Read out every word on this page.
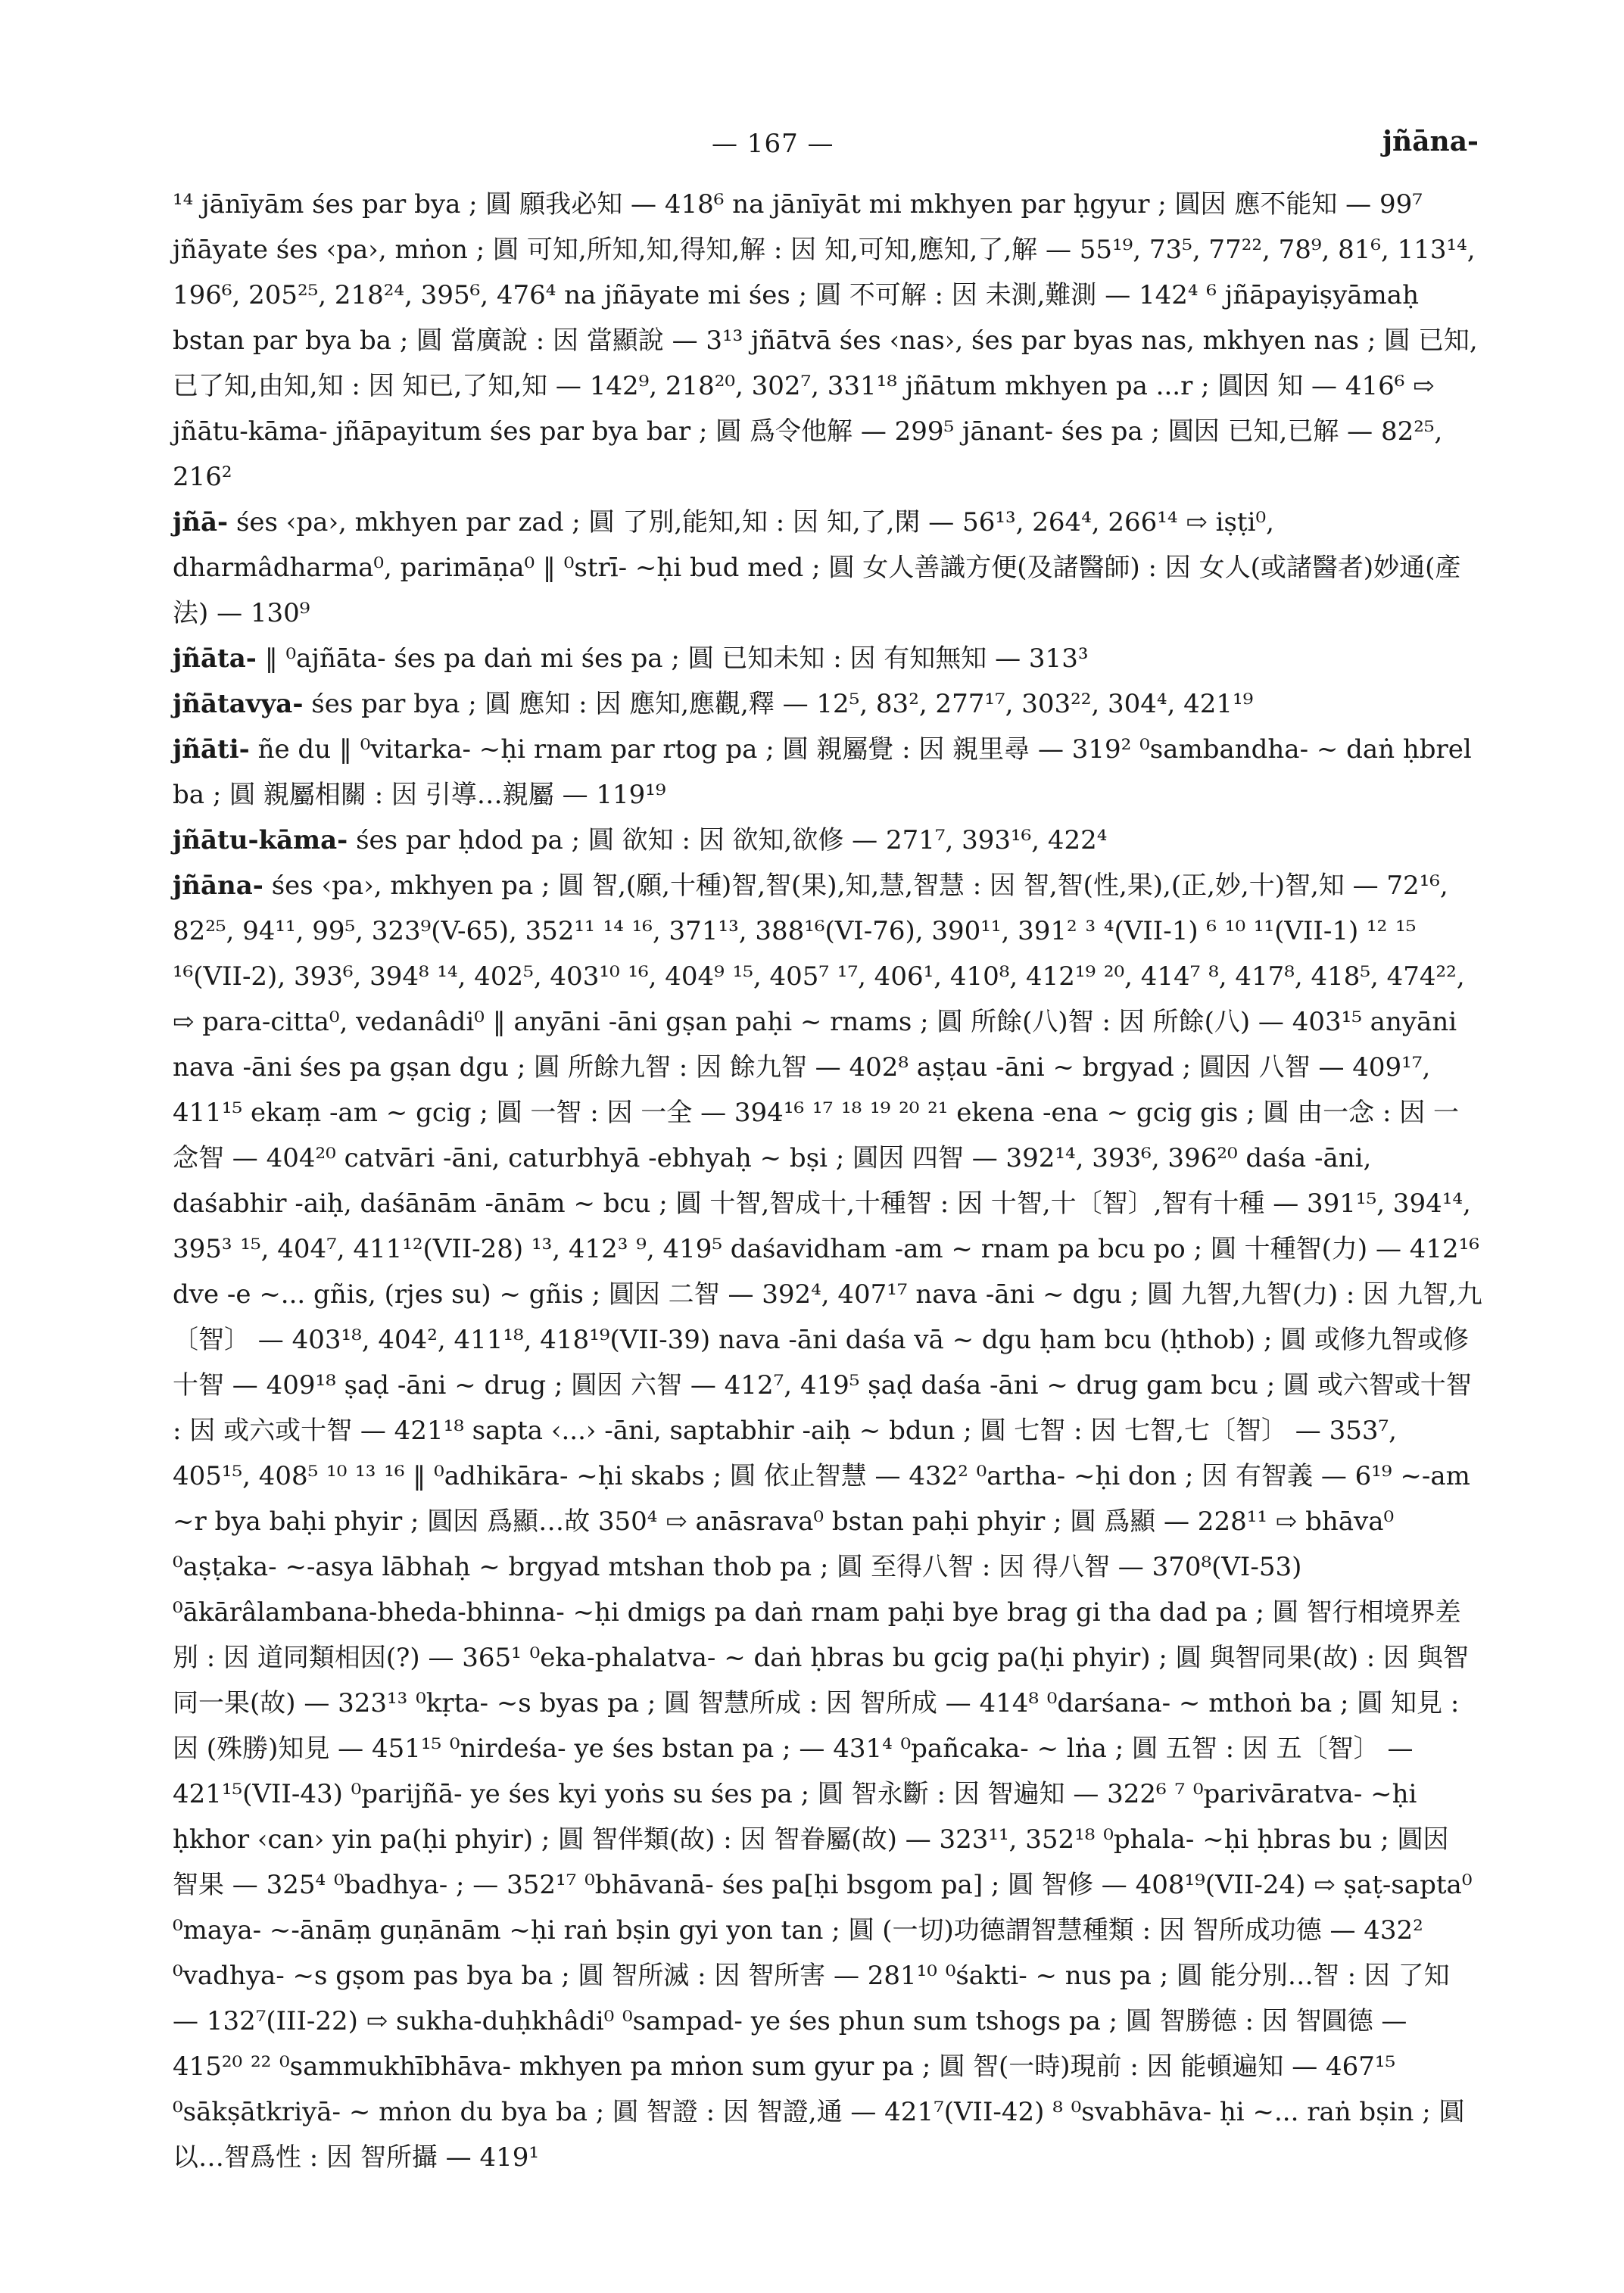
— 167 —	jñāna-

¹⁴ jānīyām śes par bya ; 圓 願我必知 — 418⁶ na jānīyāt mi mkhyen par ḥgyur ; 圓因 應不能知 — 99⁷ jñāyate śes ‹pa›, mṅon ; 圓 可知,所知,知,得知,解 : 因 知,可知,應知,了,解 — 55¹⁹, 73⁵, 77²², 78⁹, 81⁶, 113¹⁴, 196⁶, 205²⁵, 218²⁴, 395⁶, 476⁴ na jñāyate mi śes ; 圓 不可解 : 因 未測,難測 — 142⁴ ⁶ jñāpayiṣyāmaḥ bstan par bya ba ; 圓 當廣說 : 因 當顯說 — 3¹³ jñātvā śes ‹nas›, śes par byas nas, mkhyen nas ; 圓 已知,已了知,由知,知 : 因 知已,了知,知 — 142⁹, 218²⁰, 302⁷, 331¹⁸ jñātum mkhyen pa ...r ; 圓因 知 — 416⁶ ⇨ jñātu-kāma- jñāpayitum śes par bya bar ; 圓 爲令他解 — 299⁵ jānant- śes pa ; 圓因 已知,已解 — 82²⁵, 216²

jñā- śes ‹pa›, mkhyen par zad ; 圓 了別,能知,知 : 因 知,了,閑 — 56¹³, 264⁴, 266¹⁴ ⇨ iṣṭi⁰, dharmâdharma⁰, parimāṇa⁰ ‖ ⁰strī- ~ḥi bud med ; 圓 女人善識方便(及諸醫師) : 因 女人(或諸醫者)妙通(產法) — 130⁹

jñāta- ‖ ⁰ajñāta- śes pa daṅ mi śes pa ; 圓 已知未知 : 因 有知無知 — 313³

jñātavya- śes par bya ; 圓 應知 : 因 應知,應觀,釋 — 12⁵, 83², 277¹⁷, 303²², 304⁴, 421¹⁹

jñāti- ñe du ‖ ⁰vitarka- ~ḥi rnam par rtog pa ; 圓 親屬覺 : 因 親里尋 — 319² ⁰sambandha- ~ daṅ ḥbrel ba ; 圓 親屬相關 : 因 引導…親屬 — 119¹⁹

jñātu-kāma- śes par ḥdod pa ; 圓 欲知 : 因 欲知,欲修 — 271⁷, 393¹⁶, 422⁴

jñāna- śes ‹pa›, mkhyen pa ; 圓 智,(願,十種)智,智(果),知,慧,智慧 : 因 智,智(性,果),(正,妙,十)智,知 — 72¹⁶, 82²⁵, 94¹¹, 99⁵, 323⁹(V-65), 352¹¹ ¹⁴ ¹⁶, 371¹³, 388¹⁶(VI-76), 390¹¹, 391² ³ ⁴(VII-1) ⁶ ¹⁰ ¹¹(VII-1) ¹² ¹⁵ ¹⁶(VII-2), 393⁶, 394⁸ ¹⁴, 402⁵, 403¹⁰ ¹⁶, 404⁹ ¹⁵, 405⁷ ¹⁷, 406¹, 410⁸, 412¹⁹ ²⁰, 414⁷ ⁸, 417⁸, 418⁵, 474²², ⇨ para-citta⁰, vedanâdi⁰ ‖ anyāni -āni gṣan paḥi ~ rnams ; 圓 所餘(八)智 : 因 所餘(八) — 403¹⁵ anyāni nava -āni śes pa gṣan dgu ; 圓 所餘九智 : 因 餘九智 — 402⁸ aṣṭau -āni ~ brgyad ; 圓因 八智 — 409¹⁷, 411¹⁵ ekaṃ -am ~ gcig ; 圓 一智 : 因 一全 — 394¹⁶ ¹⁷ ¹⁸ ¹⁹ ²⁰ ²¹ ekena -ena ~ gcig gis ; 圓 由一念 : 因 一念智 — 404²⁰ catvāri -āni, caturbhyā -ebhyaḥ ~ bṣi ; 圓因 四智 — 392¹⁴, 393⁶, 396²⁰ daśa -āni, daśabhir -aiḥ, daśānām -ānām ~ bcu ; 圓 十智,智成十,十種智 : 因 十智,十〔智〕,智有十種 — 391¹⁵, 394¹⁴, 395³ ¹⁵, 404⁷, 411¹²(VII-28) ¹³, 412³ ⁹, 419⁵ daśavidham -am ~ rnam pa bcu po ; 圓 十種智(力) — 412¹⁶ dve -e ~... gñis, (rjes su) ~ gñis ; 圓因 二智 — 392⁴, 407¹⁷ nava -āni ~ dgu ; 圓 九智,九智(力) : 因 九智,九〔智〕 — 403¹⁸, 404², 411¹⁸, 418¹⁹(VII-39) nava -āni daśa vā ~ dgu ḥam bcu (ḥthob) ; 圓 或修九智或修十智 — 409¹⁸ ṣaḍ -āni ~ drug ; 圓因 六智 — 412⁷, 419⁵ ṣaḍ daśa -āni ~ drug gam bcu ; 圓 或六智或十智 : 因 或六或十智 — 421¹⁸ sapta ‹...› -āni, saptabhir -aiḥ ~ bdun ; 圓 七智 : 因 七智,七〔智〕 — 353⁷, 405¹⁵, 408⁵ ¹⁰ ¹³ ¹⁶ ‖ ⁰adhikāra- ~ḥi skabs ; 圓 依止智慧 — 432² ⁰artha- ~ḥi don ; 因 有智義 — 6¹⁹ ~-am ~r bya baḥi phyir ; 圓因 爲顯…故 350⁴ ⇨ anāsrava⁰ bstan paḥi phyir ; 圓 爲顯 — 228¹¹ ⇨ bhāva⁰ ⁰aṣṭaka- ~-asya lābhaḥ ~ brgyad mtshan thob pa ; 圓 至得八智 : 因 得八智 — 370⁸(VI-53) ⁰ākārâlambana-bheda-bhinna- ~ḥi dmigs pa daṅ rnam paḥi bye brag gi tha dad pa ; 圓 智行相境界差別 : 因 道同類相因(?) — 365¹ ⁰eka-phalatva- ~ daṅ ḥbras bu gcig pa(ḥi phyir) ; 圓 與智同果(故) : 因 與智同一果(故) — 323¹³ ⁰kṛta- ~s byas pa ; 圓 智慧所成 : 因 智所成 — 414⁸ ⁰darśana- ~ mthoṅ ba ; 圓 知見 : 因 (殊勝)知見 — 451¹⁵ ⁰nirdeśa- ye śes bstan pa ; — 431⁴ ⁰pañcaka- ~ lṅa ; 圓 五智 : 因 五〔智〕 — 421¹⁵(VII-43) ⁰parijñā- ye śes kyi yoṅs su śes pa ; 圓 智永斷 : 因 智遍知 — 322⁶ ⁷ ⁰parivāratva- ~ḥi ḥkhor ‹can› yin pa(ḥi phyir) ; 圓 智伴類(故) : 因 智眷屬(故) — 323¹¹, 352¹⁸ ⁰phala- ~ḥi ḥbras bu ; 圓因 智果 — 325⁴ ⁰badhya- ; — 352¹⁷ ⁰bhāvanā- śes pa[ḥi bsgom pa] ; 圓 智修 — 408¹⁹(VII-24) ⇨ ṣaṭ-sapta⁰ ⁰maya- ~-ānāṃ guṇānām ~ḥi raṅ bṣin gyi yon tan ; 圓 (一切)功德謂智慧種類 : 因 智所成功德 — 432² ⁰vadhya- ~s gṣom pas bya ba ; 圓 智所滅 : 因 智所害 — 281¹⁰ ⁰śakti- ~ nus pa ; 圓 能分別…智 : 因 了知 — 132⁷(III-22) ⇨ sukha-duḥkhâdi⁰ ⁰sampad- ye śes phun sum tshogs pa ; 圓 智勝德 : 因 智圓德 — 415²⁰ ²² ⁰sammukhībhāva- mkhyen pa mṅon sum gyur pa ; 圓 智(一時)現前 : 因 能頓遍知 — 467¹⁵ ⁰sākṣātkriyā- ~ mṅon du bya ba ; 圓 智證 : 因 智證,通 — 421⁷(VII-42) ⁸ ⁰svabhāva- ḥi ~... raṅ bṣin ; 圓 以…智爲性 : 因 智所攝 — 419¹
